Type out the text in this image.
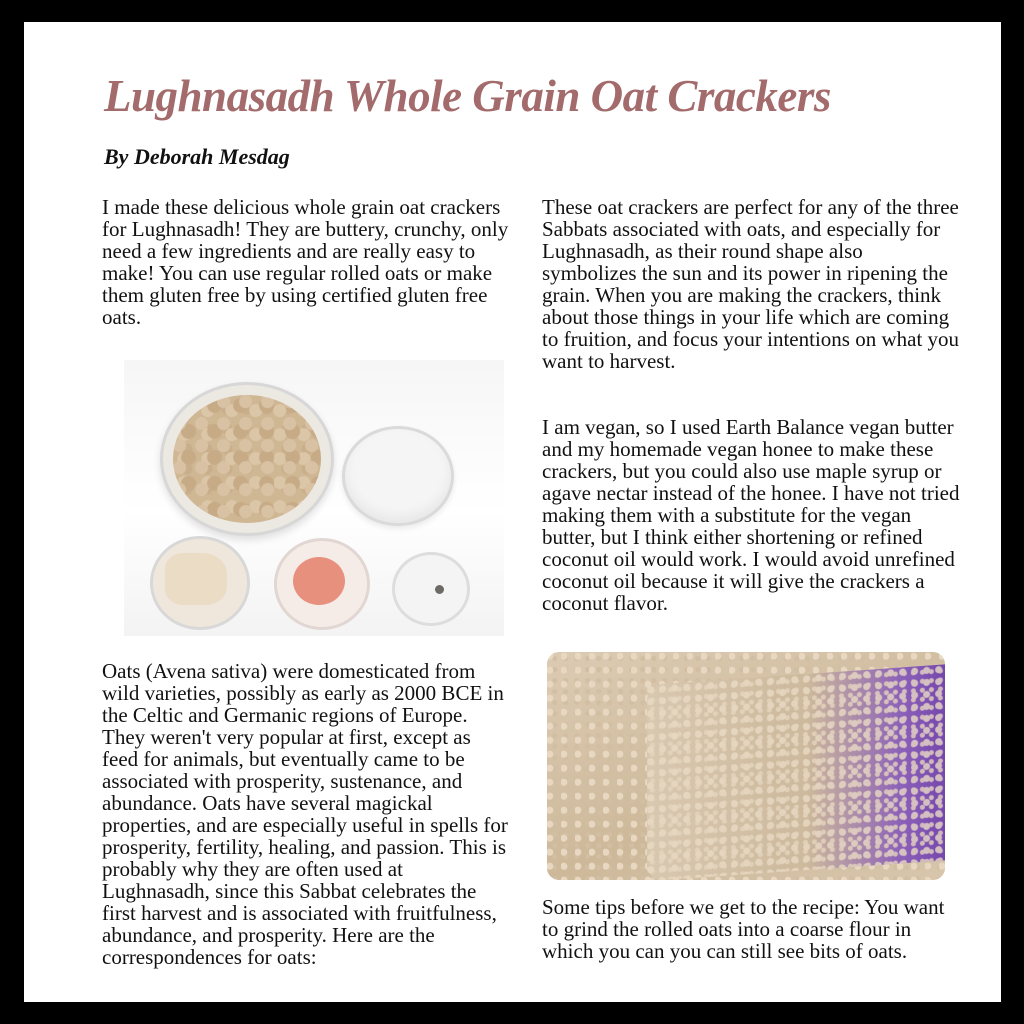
Lughnasadh Whole Grain Oat Crackers
By Deborah Mesdag

I made these delicious whole grain oat crackers for Lughnasadh! They are buttery, crunchy, only need a few ingredients and are really easy to make! You can use regular rolled oats or make them gluten free by using certified gluten free oats.

Oats (Avena sativa) were domesticated from wild varieties, possibly as early as 2000 BCE in the Celtic and Germanic regions of Europe. They weren't very popular at first, except as feed for animals, but eventually came to be associated with prosperity, sustenance, and abundance. Oats have several magickal properties, and are especially useful in spells for prosperity, fertility, healing, and passion. This is probably why they are often used at Lughnasadh, since this Sabbat celebrates the first harvest and is associated with fruitfulness, abundance, and prosperity. Here are the correspondences for oats:

These oat crackers are perfect for any of the three Sabbats associated with oats, and especially for Lughnasadh, as their round shape also symbolizes the sun and its power in ripening the grain. When you are making the crackers, think about those things in your life which are coming to fruition, and focus your intentions on what you want to harvest.

I am vegan, so I used Earth Balance vegan butter and my homemade vegan honee to make these crackers, but you could also use maple syrup or agave nectar instead of the honee. I have not tried making them with a substitute for the vegan butter, but I think either shortening or refined coconut oil would work. I would avoid unrefined coconut oil because it will give the crackers a coconut flavor.

Some tips before we get to the recipe: You want to grind the rolled oats into a coarse flour in which you can you can still see bits of oats.
